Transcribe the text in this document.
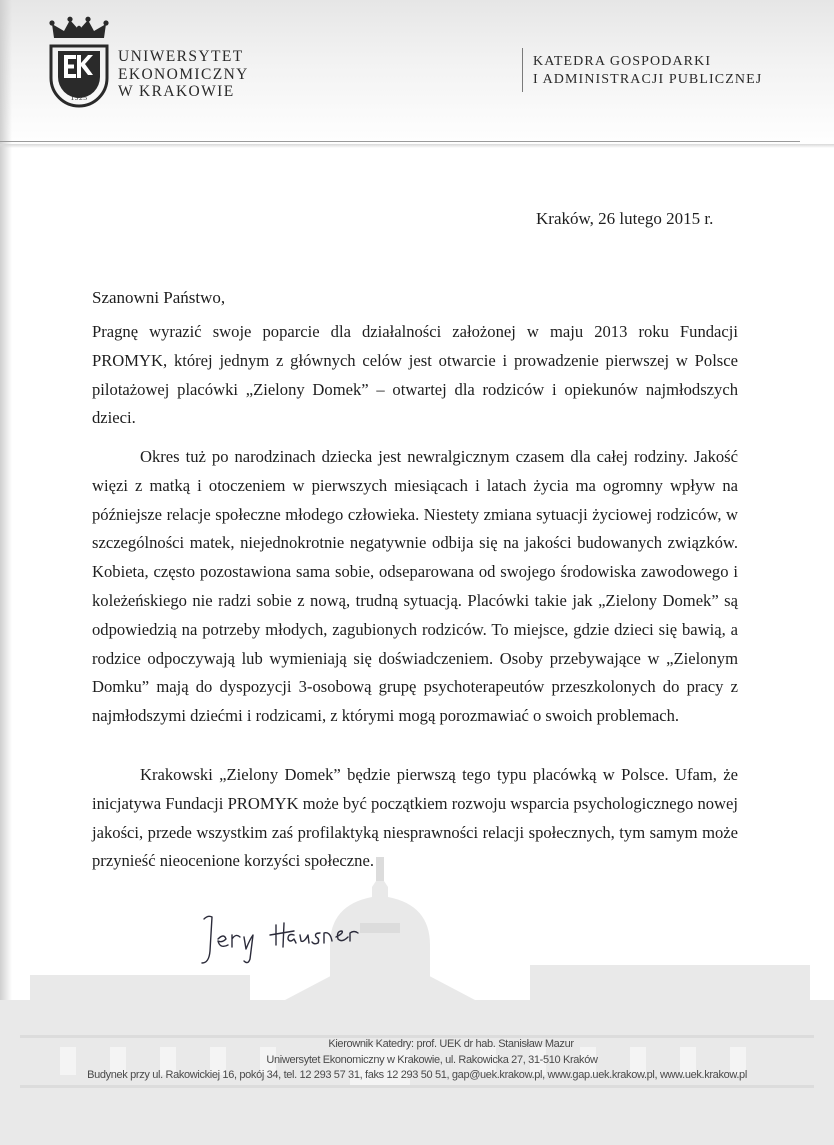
1925
UNIWERSYTET
EKONOMICZNY
W KRAKOWIE
KATEDRA GOSPODARKI
I ADMINISTRACJI PUBLICZNEJ
Kraków, 26 lutego 2015 r.
Szanowni Państwo,

Pragnę wyrazić swoje poparcie dla działalności założonej w maju 2013 roku Fundacji PROMYK, której jednym z głównych celów jest otwarcie i prowadzenie pierwszej w Polsce pilotażowej placówki „Zielony Domek” – otwartej dla rodziców i opiekunów najmłodszych dzieci.

Okres tuż po narodzinach dziecka jest newralgicznym czasem dla całej rodziny. Jakość więzi z matką i otoczeniem w pierwszych miesiącach i latach życia ma ogromny wpływ na późniejsze relacje społeczne młodego człowieka. Niestety zmiana sytuacji życiowej rodziców, w szczególności matek, niejednokrotnie negatywnie odbija się na jakości budowanych związków. Kobieta, często pozostawiona sama sobie, odseparowana od swojego środowiska zawodowego i koleżeńskiego nie radzi sobie z nową, trudną sytuacją. Placówki takie jak „Zielony Domek” są odpowiedzią na potrzeby młodych, zagubionych rodziców. To miejsce, gdzie dzieci się bawią, a rodzice odpoczywają lub wymieniają się doświadczeniem. Osoby przebywające w „Zielonym Domku” mają do dyspozycji 3-osobową grupę psychoterapeutów przeszkolonych do pracy z najmłodszymi dziećmi i rodzicami, z którymi mogą porozmawiać o swoich problemach.

Krakowski „Zielony Domek” będzie pierwszą tego typu placówką w Polsce. Ufam, że inicjatywa Fundacji PROMYK może być początkiem rozwoju wsparcia psychologicznego nowej jakości, przede wszystkim zaś profilaktyką niesprawności relacji społecznych, tym samym może przynieść nieocenione korzyści społeczne.

Kierownik Katedry: prof. UEK dr hab. Stanisław Mazur
Uniwersytet Ekonomiczny w Krakowie, ul. Rakowicka 27, 31-510 Kraków
Budynek przy ul. Rakowickiej 16, pokój 34, tel. 12 293 57 31, faks 12 293 50 51, gap@uek.krakow.pl, www.gap.uek.krakow.pl, www.uek.krakow.pl
